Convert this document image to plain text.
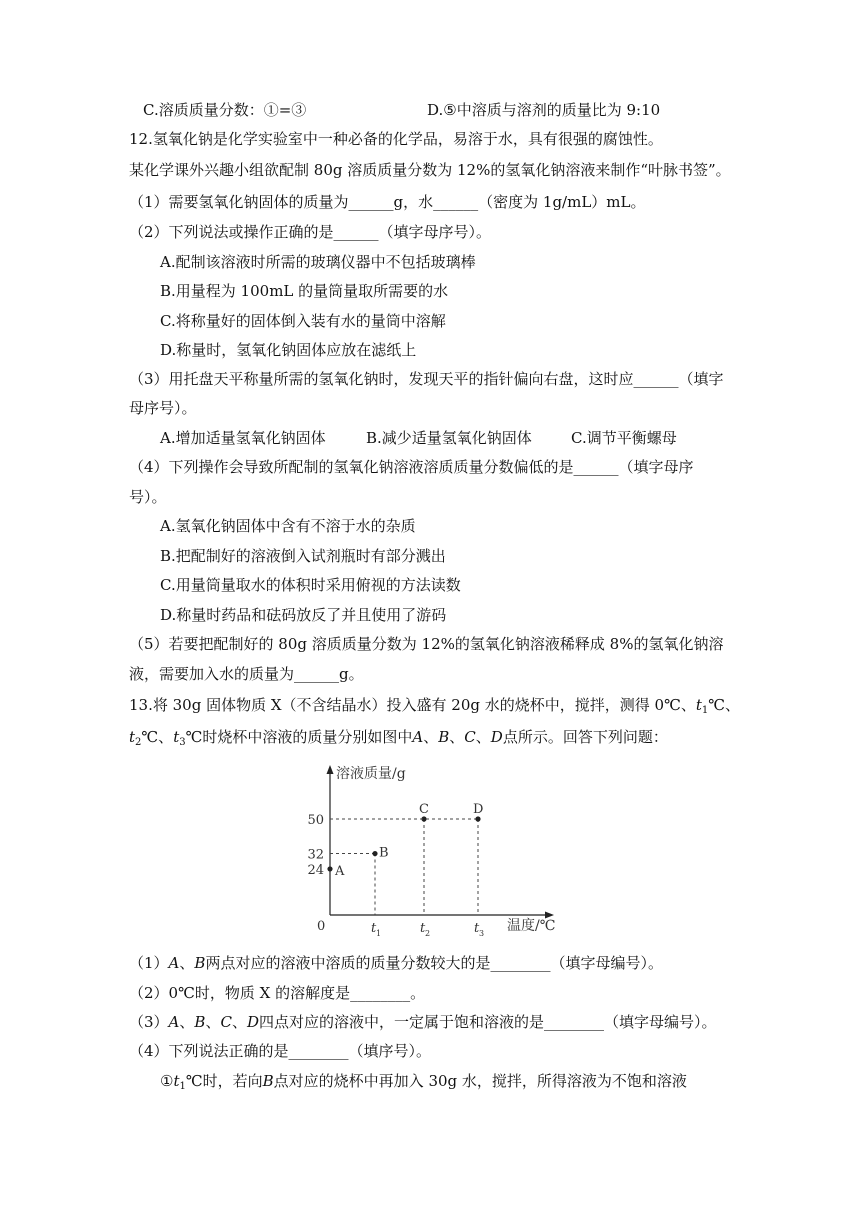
C.溶质质量分数：①=③	D.⑤中溶质与溶剂的质量比为 9:10
12.氢氧化钠是化学实验室中一种必备的化学品，易溶于水，具有很强的腐蚀性。
某化学课外兴趣小组欲配制 80g 溶质质量分数为 12%的氢氧化钠溶液来制作“叶脉书签”。
（1）需要氢氧化钠固体的质量为______g，水______（密度为 1g/mL）mL。
（2）下列说法或操作正确的是______（填字母序号）。
A.配制该溶液时所需的玻璃仪器中不包括玻璃棒
B.用量程为 100mL 的量筒量取所需要的水
C.将称量好的固体倒入装有水的量筒中溶解
D.称量时，氢氧化钠固体应放在滤纸上
（3）用托盘天平称量所需的氢氧化钠时，发现天平的指针偏向右盘，这时应______（填字
母序号）。
A.增加适量氢氧化钠固体	B.减少适量氢氧化钠固体	C.调节平衡螺母
（4）下列操作会导致所配制的氢氧化钠溶液溶质质量分数偏低的是______（填字母序
号）。
A.氢氧化钠固体中含有不溶于水的杂质
B.把配制好的溶液倒入试剂瓶时有部分溅出
C.用量筒量取水的体积时采用俯视的方法读数
D.称量时药品和砝码放反了并且使用了游码
（5）若要把配制好的 80g 溶质质量分数为 12%的氢氧化钠溶液稀释成 8%的氢氧化钠溶
液，需要加入水的质量为______g。
13.将 30g 固体物质 X（不含结晶水）投入盛有 20g 水的烧杯中，搅拌，测得 0℃、$t_1℃$、
$t_2℃$、$t_3℃$时烧杯中溶液的质量分别如图中A、B、C、D点所示。回答下列问题：
溶液质量/g
温度/℃
0
24
32
50
t 1	t 2	t 3
A
B
C	D
（1）A、B两点对应的溶液中溶质的质量分数较大的是________（填字母编号）。
（2）0℃时，物质 X 的溶解度是________。
（3）A、B、C、D四点对应的溶液中，一定属于饱和溶液的是________（填字母编号）。
（4）下列说法正确的是________（填序号）。
$①t_1℃$时，若向B点对应的烧杯中再加入 30g 水，搅拌，所得溶液为不饱和溶液
